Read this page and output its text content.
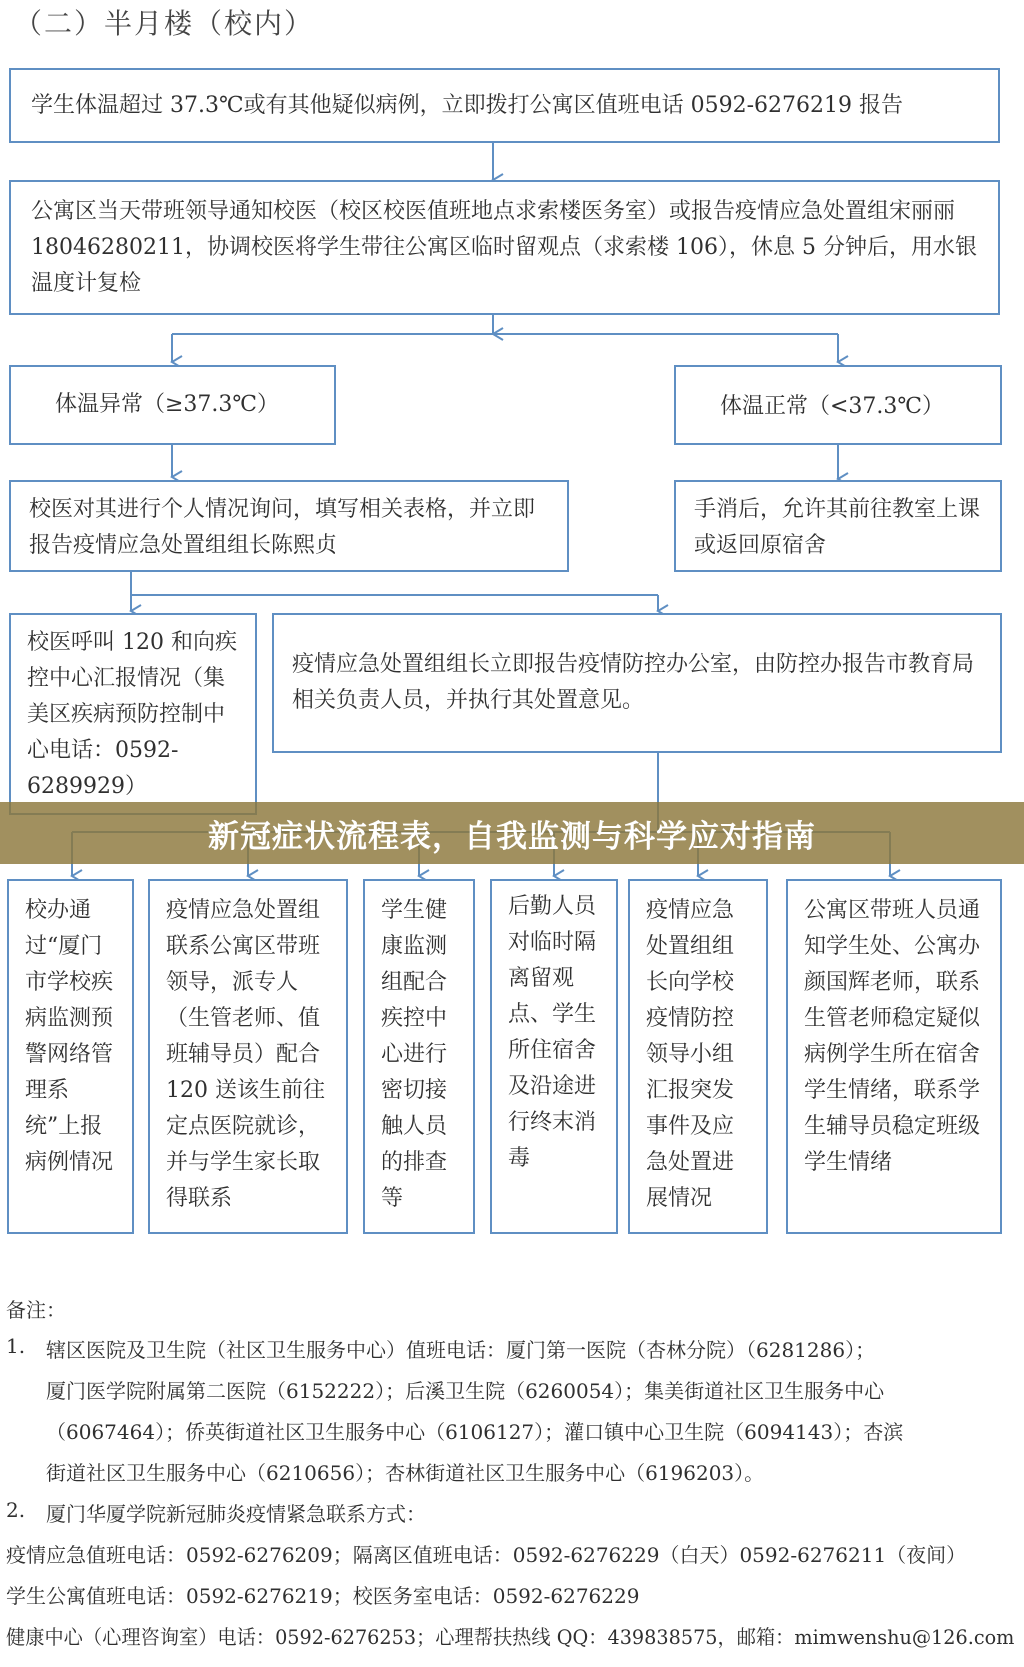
（二）半月楼（校内）
学生体温超过 37.3℃或有其他疑似病例，立即拨打公寓区值班电话 0592-6276219 报告
公寓区当天带班领导通知校医（校区校医值班地点求索楼医务室）或报告疫情应急处置组宋丽丽 18046280211，协调校医将学生带往公寓区临时留观点（求索楼 106），休息 5 分钟后，用水银温度计复检
体温异常（≥37.3℃）	体温正常（<37.3℃）
校医对其进行个人情况询问，填写相关表格，并立即报告疫情应急处置组组长陈熙贞
手消后，允许其前往教室上课或返回原宿舍
校医呼叫 120 和向疾控中心汇报情况（集美区疾病预防控制中心电话：0592-6289929）
疫情应急处置组组长立即报告疫情防控办公室，由防控办报告市教育局相关负责人员，并执行其处置意见。
校办通过“厦门市学校疾病监测预警网络管理系统”上报病例情况
疫情应急处置组联系公寓区带班领导，派专人（生管老师、值班辅导员）配合 120 送该生前往定点医院就诊，并与学生家长取得联系
学生健康监测组配合疾控中心进行密切接触人员的排查等
后勤人员对临时隔离留观点、学生所住宿舍及沿途进行终末消毒
疫情应急处置组组长向学校疫情防控领导小组汇报突发事件及应急处置进展情况
公寓区带班人员通知学生处、公寓办颜国辉老师，联系生管老师稳定疑似病例学生所在宿舍学生情绪，联系学生辅导员稳定班级学生情绪
新冠症状流程表，自我监测与科学应对指南
备注：
1. 辖区医院及卫生院（社区卫生服务中心）值班电话：厦门第一医院（杏林分院）（6281286）；
厦门医学院附属第二医院（6152222）；后溪卫生院（6260054）；集美街道社区卫生服务中心
（6067464）；侨英街道社区卫生服务中心（6106127）；灌口镇中心卫生院（6094143）；杏滨
街道社区卫生服务中心（6210656）；杏林街道社区卫生服务中心（6196203）。
2. 厦门华厦学院新冠肺炎疫情紧急联系方式：
疫情应急值班电话：0592-6276209；隔离区值班电话：0592-6276229（白天）0592-6276211（夜间）
学生公寓值班电话：0592-6276219；校医务室电话：0592-6276229
健康中心（心理咨询室）电话：0592-6276253；心理帮扶热线 QQ：439838575，邮箱：mimwenshu@126.com
